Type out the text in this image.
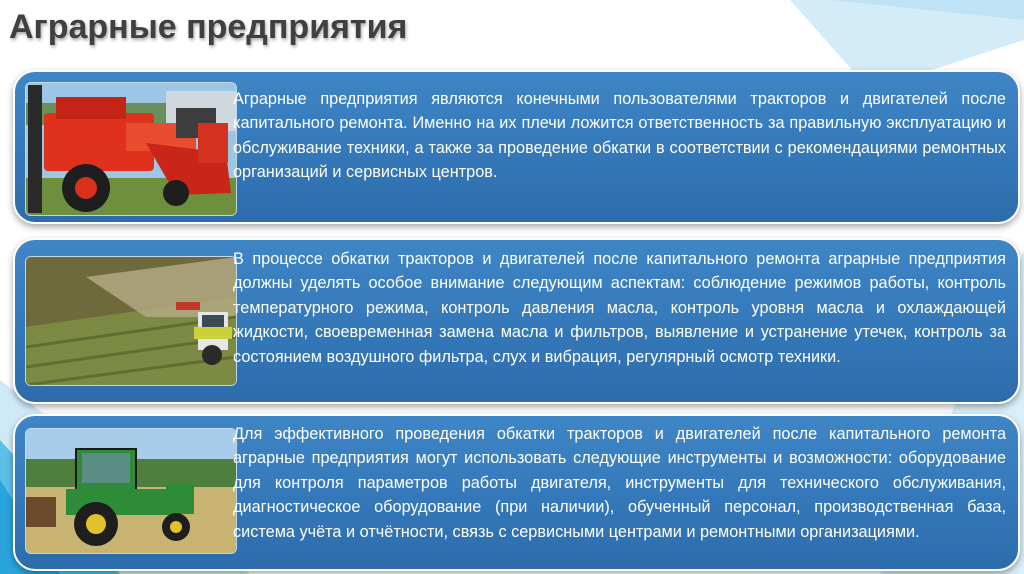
Аграрные предприятия

Аграрные предприятия являются конечными пользователями тракторов и двигателей после капитального ремонта. Именно на их плечи ложится ответственность за правильную эксплуатацию и обслуживание техники, а также за проведение обкатки в соответствии с рекомендациями ремонтных организаций и сервисных центров.

В процессе обкатки тракторов и двигателей после капитального ремонта аграрные предприятия должны уделять особое внимание следующим аспектам: соблюдение режимов работы, контроль температурного режима, контроль давления масла, контроль уровня масла и охлаждающей жидкости, своевременная замена масла и фильтров, выявление и устранение утечек, контроль за состоянием воздушного фильтра, слух и вибрация, регулярный осмотр техники.

Для эффективного проведения обкатки тракторов и двигателей после капитального ремонта аграрные предприятия могут использовать следующие инструменты и возможности: оборудование для контроля параметров работы двигателя, инструменты для технического обслуживания, диагностическое оборудование (при наличии), обученный персонал, производственная база, система учёта и отчётности, связь с сервисными центрами и ремонтными организациями.
